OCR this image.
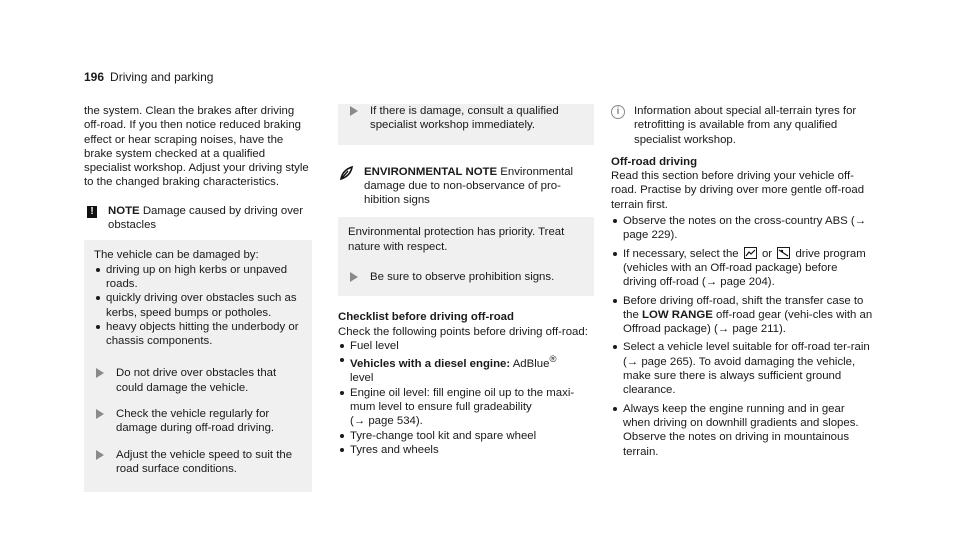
196 Driving and parking

the system. Clean the brakes after driving off-road. If you then notice reduced braking effect or hear scraping noises, have the brake system checked at a qualified specialist workshop. Adjust your driving style to the changed braking characteristics.

! NOTE Damage caused by driving over obstacles

The vehicle can be damaged by:

driving up on high kerbs or unpaved roads.
quickly driving over obstacles such as kerbs, speed bumps or potholes.
heavy objects hitting the underbody or chassis components.
Do not drive over obstacles that could damage the vehicle.
Check the vehicle regularly for damage during off-road driving.
Adjust the vehicle speed to suit the road surface conditions.
If there is damage, consult a qualified specialist workshop immediately.
ENVIRONMENTAL NOTE Environmental damage due to non-observance of pro-hibition signs

Environmental protection has priority. Treat nature with respect.

Be sure to observe prohibition signs.
Checklist before driving off-road

Check the following points before driving off-road:

Fuel level
Vehicles with a diesel engine: AdBlue®
level
Engine oil level: fill engine oil up to the maxi-mum level to ensure full gradeability
(→ page 534).
Tyre-change tool kit and spare wheel
Tyres and wheels
i	Information about special all-terrain tyres for retrofitting is available from any qualified specialist workshop.

Off-road driving

Read this section before driving your vehicle off-road. Practise by driving over more gentle off-road terrain first.

Observe the notes on the cross-country ABS (→ page 229).
If necessary, select the
or
drive program (vehicles with an Off-road package) before driving off-road (→ page 204).
Before driving off-road, shift the transfer case to the LOW RANGE off-road gear (vehi-cles with an Offroad package) (→ page 211).
Select a vehicle level suitable for off-road ter-rain (→ page 265). To avoid damaging the vehicle, make sure there is always sufficient ground clearance.
Always keep the engine running and in gear when driving on downhill gradients and slopes. Observe the notes on driving in mountainous terrain.
